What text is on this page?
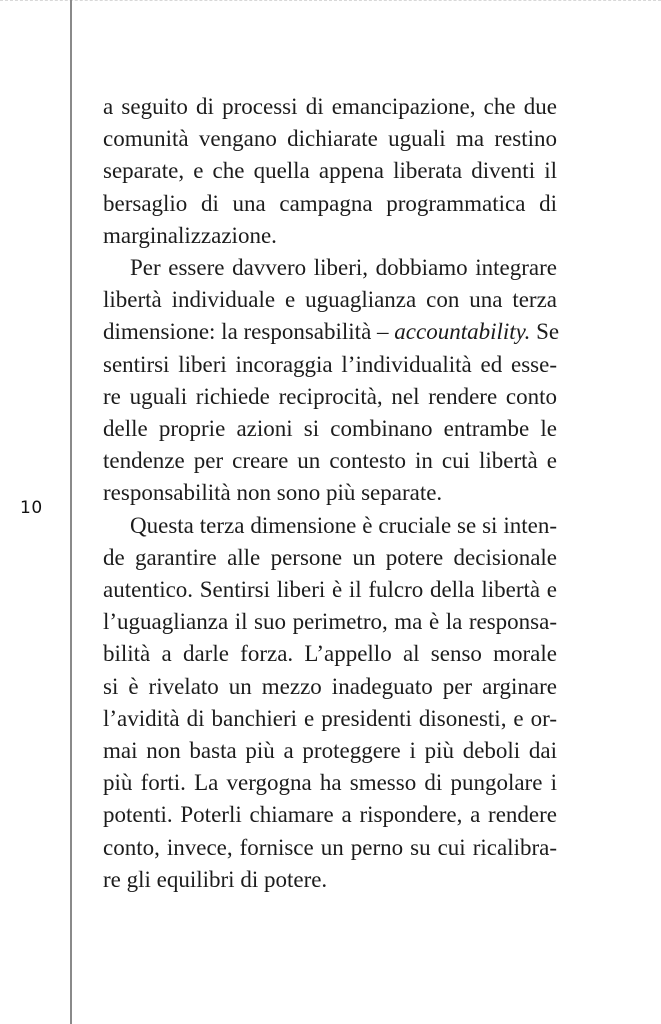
10
a seguito di processi di emancipazione, che due
comunità vengano dichiarate uguali ma restino
separate, e che quella appena liberata diventi il
bersaglio di una campagna programmatica di
marginalizzazione.
Per essere davvero liberi, dobbiamo integrare
libertà individuale e uguaglianza con una terza
dimensione: la responsabilità – accountability. Se
sentirsi liberi incoraggia l’individualità ed esse-
re uguali richiede reciprocità, nel rendere conto
delle proprie azioni si combinano entrambe le
tendenze per creare un contesto in cui libertà e
responsabilità non sono più separate.
Questa terza dimensione è cruciale se si inten-
de garantire alle persone un potere decisionale
autentico. Sentirsi liberi è il fulcro della libertà e
l’uguaglianza il suo perimetro, ma è la responsa-
bilità a darle forza. L’appello al senso morale
si è rivelato un mezzo inadeguato per arginare
l’avidità di banchieri e presidenti disonesti, e or-
mai non basta più a proteggere i più deboli dai
più forti. La vergogna ha smesso di pungolare i
potenti. Poterli chiamare a rispondere, a rendere
conto, invece, fornisce un perno su cui ricalibra-
re gli equilibri di potere.
